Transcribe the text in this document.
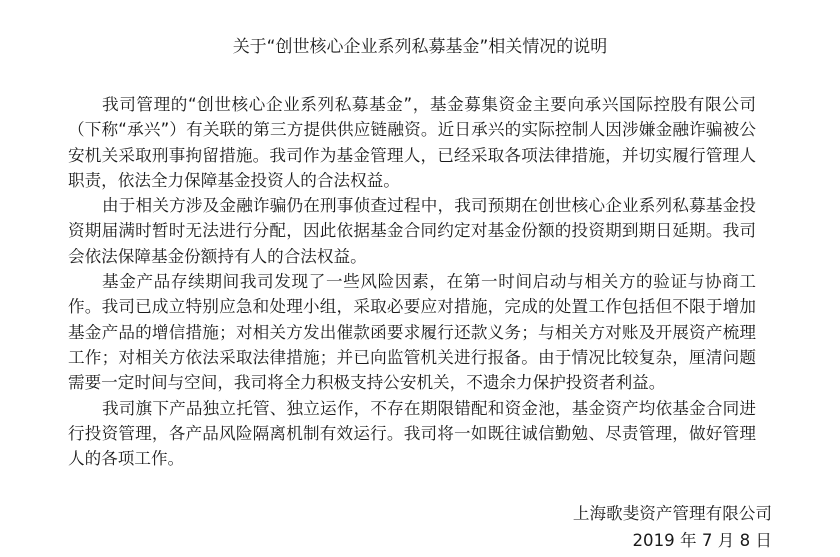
关于“创世核心企业系列私募基金”相关情况的说明

我司管理的“创世核心企业系列私募基金”，基金募集资金主要向承兴国际控股有限公司（下称“承兴”）有关联的第三方提供供应链融资。近日承兴的实际控制人因涉嫌金融诈骗被公安机关采取刑事拘留措施。我司作为基金管理人，已经采取各项法律措施，并切实履行管理人职责，依法全力保障基金投资人的合法权益。

由于相关方涉及金融诈骗仍在刑事侦查过程中，我司预期在创世核心企业系列私募基金投资期届满时暂时无法进行分配，因此依据基金合同约定对基金份额的投资期到期日延期。我司会依法保障基金份额持有人的合法权益。

基金产品存续期间我司发现了一些风险因素，在第一时间启动与相关方的验证与协商工作。我司已成立特别应急和处理小组，采取必要应对措施，完成的处置工作包括但不限于增加基金产品的增信措施；对相关方发出催款函要求履行还款义务；与相关方对账及开展资产梳理工作；对相关方依法采取法律措施；并已向监管机关进行报备。由于情况比较复杂，厘清问题需要一定时间与空间，我司将全力积极支持公安机关，不遗余力保护投资者利益。

我司旗下产品独立托管、独立运作，不存在期限错配和资金池，基金资产均依基金合同进行投资管理，各产品风险隔离机制有效运行。我司将一如既往诚信勤勉、尽责管理，做好管理人的各项工作。

上海歌斐资产管理有限公司
2019 年 7 月 8 日
